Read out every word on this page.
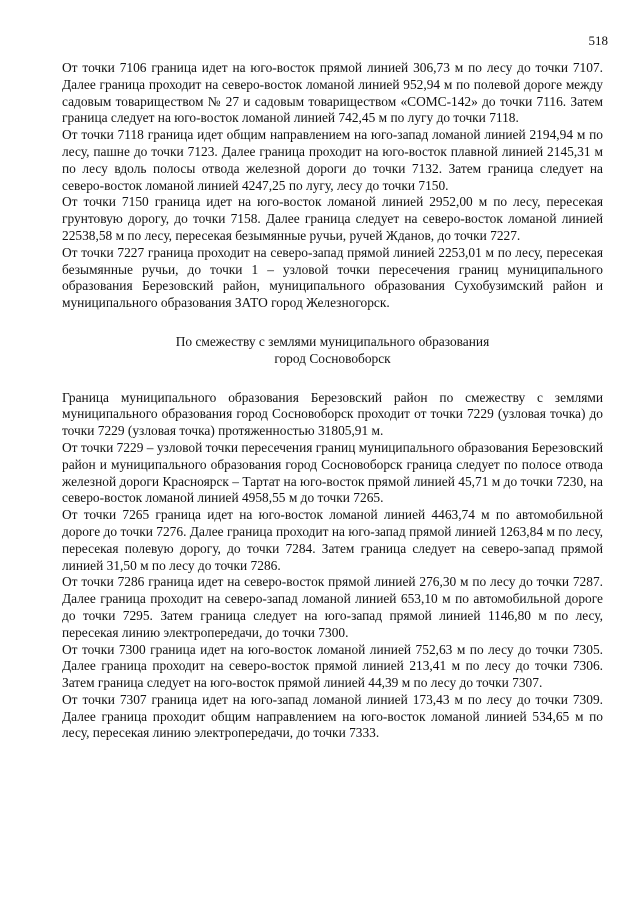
518

От точки 7106 граница идет на юго-восток прямой линией 306,73 м по лесу до точки 7107. Далее граница проходит на северо-восток ломаной линией 952,94 м по полевой дороге между садовым товариществом № 27 и садовым товариществом «СОМС-142» до точки 7116. Затем граница следует на юго-восток ломаной линией 742,45 м по лугу до точки 7118.

От точки 7118 граница идет общим направлением на юго-запад ломаной линией 2194,94 м по лесу, пашне до точки 7123. Далее граница проходит на юго-восток плавной линией 2145,31 м по лесу вдоль полосы отвода железной дороги до точки 7132. Затем граница следует на северо-восток ломаной линией 4247,25 по лугу, лесу до точки 7150.

От точки 7150 граница идет на юго-восток ломаной линией 2952,00 м по лесу, пересекая грунтовую дорогу, до точки 7158. Далее граница следует на северо-восток ломаной линией 22538,58 м по лесу, пересекая безымянные ручьи, ручей Жданов, до точки 7227.

От точки 7227 граница проходит на северо-запад прямой линией 2253,01 м по лесу, пересекая безымянные ручьи, до точки 1 – узловой точки пересечения границ муниципального образования Березовский район, муниципального образования Сухобузимский район и муниципального образования ЗАТО город Железногорск.

По смежеству с землями муниципального образования
город Сосновоборск

Граница муниципального образования Березовский район по смежеству с землями муниципального образования город Сосновоборск проходит от точки 7229 (узловая точка) до точки 7229 (узловая точка) протяженностью 31805,91 м.

От точки 7229 – узловой точки пересечения границ муниципального образования Березовский район и муниципального образования город Сосновоборск граница следует по полосе отвода железной дороги Красноярск – Тартат на юго-восток прямой линией 45,71 м до точки 7230, на северо-восток ломаной линией 4958,55 м до точки 7265.

От точки 7265 граница идет на юго-восток ломаной линией 4463,74 м по автомобильной дороге до точки 7276. Далее граница проходит на юго-запад прямой линией 1263,84 м по лесу, пересекая полевую дорогу, до точки 7284. Затем граница следует на северо-запад прямой линией 31,50 м по лесу до точки 7286.

От точки 7286 граница идет на северо-восток прямой линией 276,30 м по лесу до точки 7287. Далее граница проходит на северо-запад ломаной линией 653,10 м по автомобильной дороге до точки 7295. Затем граница следует на юго-запад прямой линией 1146,80 м по лесу, пересекая линию электропередачи, до точки 7300.

От точки 7300 граница идет на юго-восток ломаной линией 752,63 м по лесу до точки 7305. Далее граница проходит на северо-восток прямой линией 213,41 м по лесу до точки 7306. Затем граница следует на юго-восток прямой линией 44,39 м по лесу до точки 7307.

От точки 7307 граница идет на юго-запад ломаной линией 173,43 м по лесу до точки 7309. Далее граница проходит общим направлением на юго-восток ломаной линией 534,65 м по лесу, пересекая линию электропередачи, до точки 7333.
